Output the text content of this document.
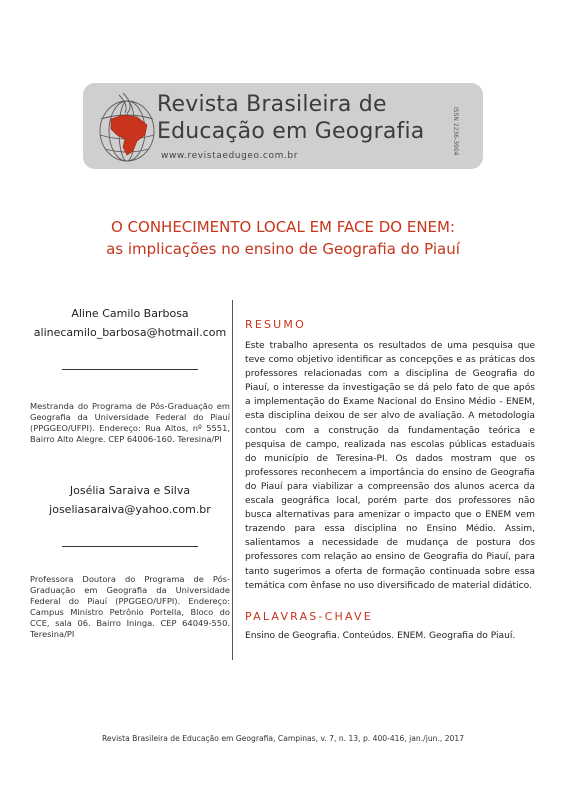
Revista Brasileira de
Educação em Geografia
www.revistaedugeo.com.br
ISSN 2236-3904
O CONHECIMENTO LOCAL EM FACE DO ENEM:
as implicações no ensino de Geografia do Piauí

Aline Camilo Barbosa

alinecamilo_barbosa@hotmail.com

Mestranda do Programa de Pós-Graduação em Geografia da Universidade Federal do Piauí (PPGGEO/UFPI). Endereço: Rua Altos, nº 5551, Bairro Alto Alegre. CEP 64006-160. Teresina/PI

Josélia Saraiva e Silva

joseliasaraiva@yahoo.com.br

Professora Doutora do Programa de Pós-Graduação em Geografia da Universidade Federal do Piauí (PPGGEO/UFPI). Endereço: Campus Ministro Petrônio Portella, Bloco do CCE, sala 06. Bairro Ininga. CEP 64049-550. Teresina/PI

RESUMO

Este trabalho apresenta os resultados de uma pesquisa que teve como objetivo identificar as concepções e as práticas dos professores relacionadas com a disciplina de Geografia do Piauí, o interesse da investigação se dá pelo fato de que após a implementação do Exame Nacional do Ensino Médio - ENEM, esta disciplina deixou de ser alvo de avaliação. A metodologia contou com a construção da fundamentação teórica e pesquisa de campo, realizada nas escolas públicas estaduais do município de Teresina-PI. Os dados mostram que os professores reconhecem a importância do ensino de Geografia do Piauí para viabilizar a compreensão dos alunos acerca da escala geográfica local, porém parte dos professores não busca alternativas para amenizar o impacto que o ENEM vem trazendo para essa disciplina no Ensino Médio. Assim, salientamos a necessidade de mudança de postura dos professores com relação ao ensino de Geografia do Piauí, para tanto sugerimos a oferta de formação continuada sobre essa temática com ênfase no uso diversificado de material didático.

PALAVRAS-CHAVE

Ensino de Geografia. Conteúdos. ENEM. Geografia do Piauí.

Revista Brasileira de Educação em Geografia, Campinas, v. 7, n. 13, p. 400-416, jan./jun., 2017
